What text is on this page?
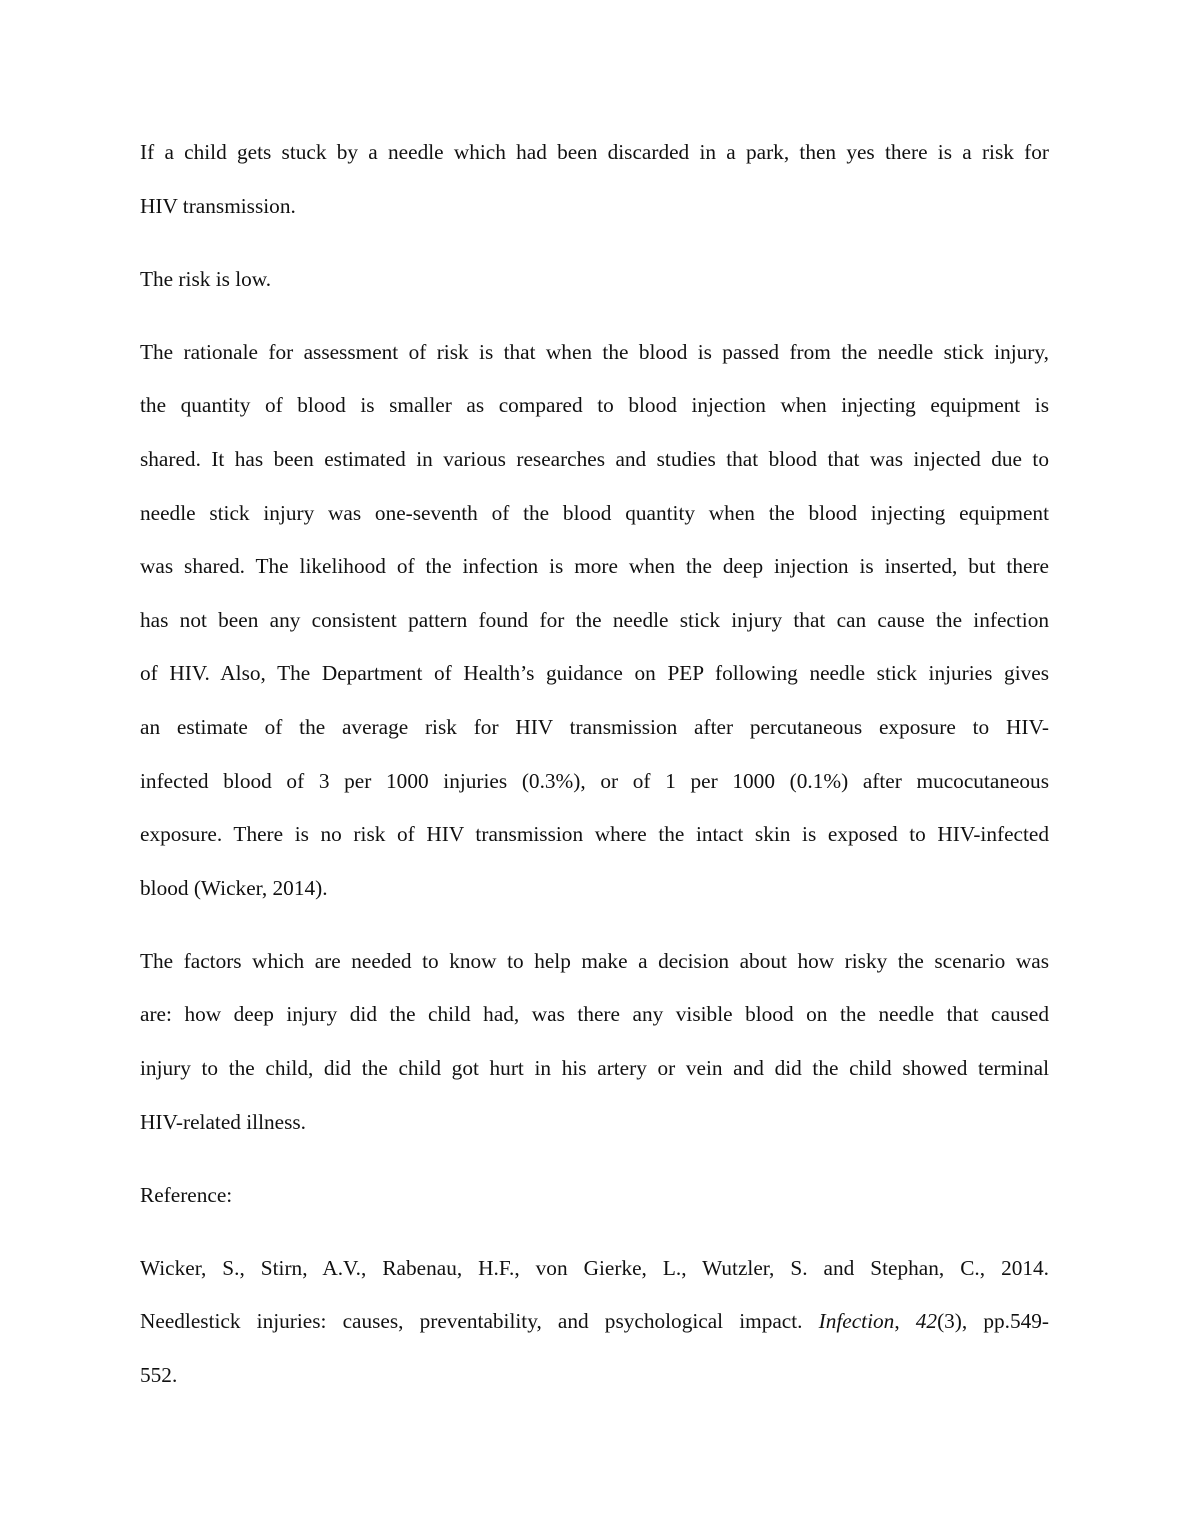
If a child gets stuck by a needle which had been discarded in a park, then yes there is a risk for
HIV transmission.
The risk is low.
The rationale for assessment of risk is that when the blood is passed from the needle stick injury,
the quantity of blood is smaller as compared to blood injection when injecting equipment is
shared. It has been estimated in various researches and studies that blood that was injected due to
needle stick injury was one-seventh of the blood quantity when the blood injecting equipment
was shared. The likelihood of the infection is more when the deep injection is inserted, but there
has not been any consistent pattern found for the needle stick injury that can cause the infection
of HIV. Also, The Department of Health’s guidance on PEP following needle stick injuries gives
an estimate of the average risk for HIV transmission after percutaneous exposure to HIV-
infected blood of 3 per 1000 injuries (0.3%), or of 1 per 1000 (0.1%) after mucocutaneous
exposure. There is no risk of HIV transmission where the intact skin is exposed to HIV-infected
blood (Wicker, 2014).
The factors which are needed to know to help make a decision about how risky the scenario was
are: how deep injury did the child had, was there any visible blood on the needle that caused
injury to the child, did the child got hurt in his artery or vein and did the child showed terminal
HIV-related illness.
Reference:
Wicker, S., Stirn, A.V., Rabenau, H.F., von Gierke, L., Wutzler, S. and Stephan, C., 2014.
Needlestick injuries: causes, preventability, and psychological impact. Infection, 42(3), pp.549-
552.
